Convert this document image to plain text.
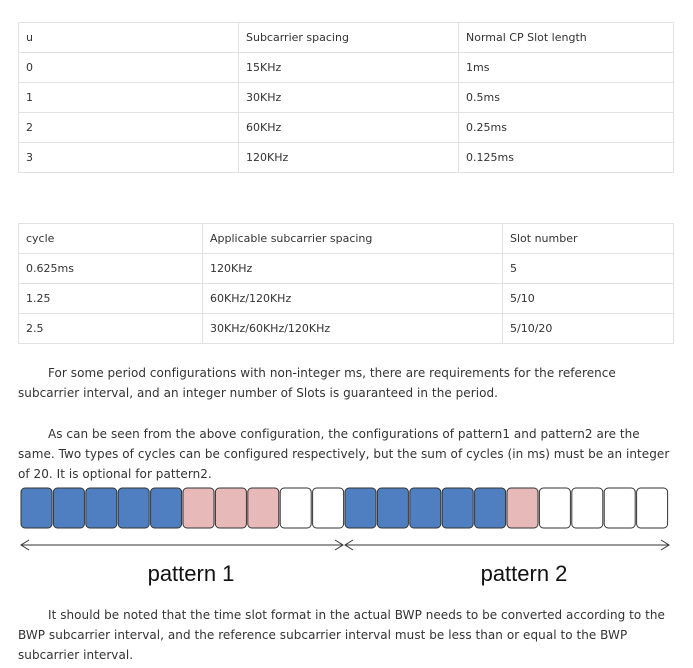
u	Subcarrier spacing	Normal CP Slot length
0	15KHz	1ms
1	30KHz	0.5ms
2	60KHz	0.25ms
3	120KHz	0.125ms
cycle	Applicable subcarrier spacing	Slot number
0.625ms	120KHz	5
1.25	60KHz/120KHz	5/10
2.5	30KHz/60KHz/120KHz	5/10/20

For some period configurations with non-integer ms, there are requirements for the reference subcarrier interval, and an integer number of Slots is guaranteed in the period.

As can be seen from the above configuration, the configurations of pattern1 and pattern2 are the same. Two types of cycles can be configured respectively, but the sum of cycles (in ms) must be an integer of 20. It is optional for pattern2.

pattern 1	pattern 2

It should be noted that the time slot format in the actual BWP needs to be converted according to the BWP subcarrier interval, and the reference subcarrier interval must be less than or equal to the BWP subcarrier interval.
